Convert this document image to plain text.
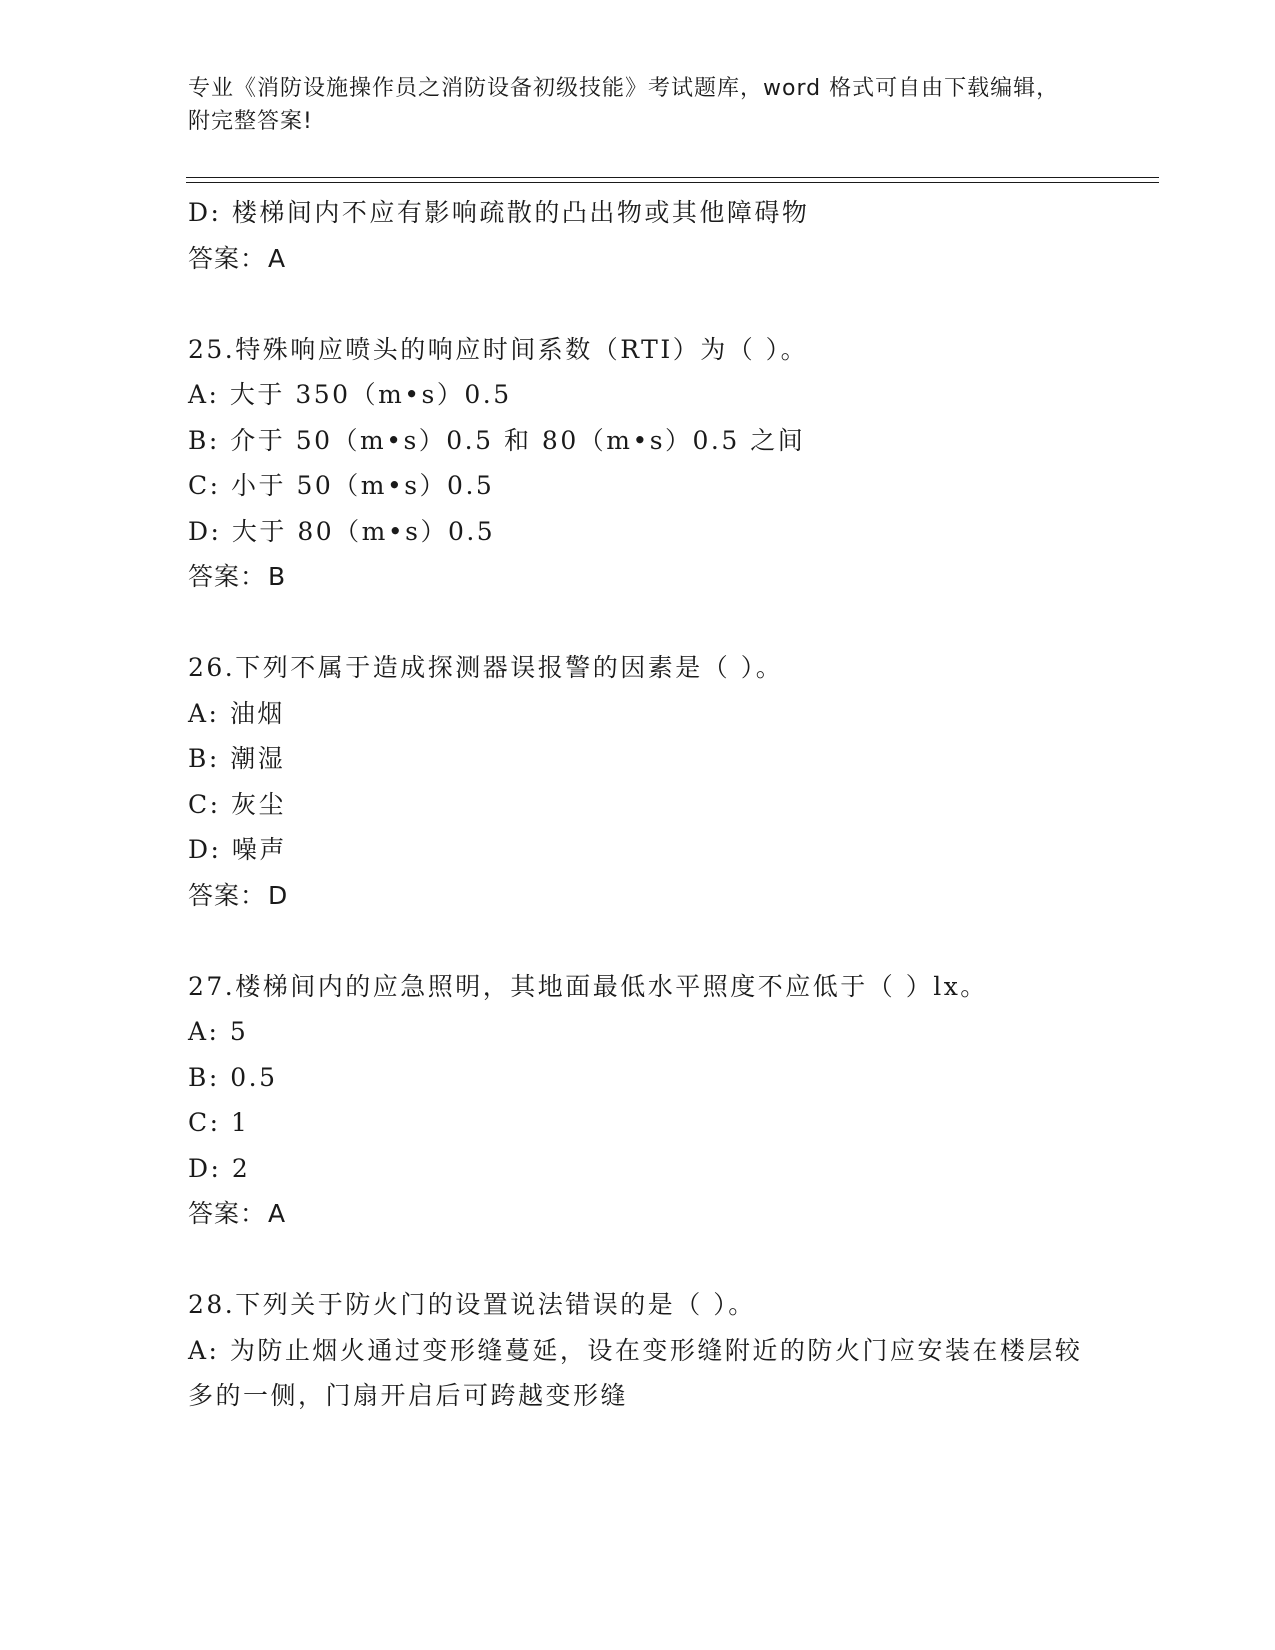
专业《消防设施操作员之消防设备初级技能》考试题库，word 格式可自由下载编辑，附完整答案!
D: 楼梯间内不应有影响疏散的凸出物或其他障碍物
答案：A
25.特殊响应喷头的响应时间系数（RTI）为（ ）。
A: 大于 350（m•s）0.5
B: 介于 50（m•s）0.5 和 80（m•s）0.5 之间
C: 小于 50（m•s）0.5
D: 大于 80（m•s）0.5
答案：B
26.下列不属于造成探测器误报警的因素是（ ）。
A: 油烟
B: 潮湿
C: 灰尘
D: 噪声
答案：D
27.楼梯间内的应急照明，其地面最低水平照度不应低于（ ）lx。
A: 5
B: 0.5
C: 1
D: 2
答案：A
28.下列关于防火门的设置说法错误的是（ ）。
A: 为防止烟火通过变形缝蔓延，设在变形缝附近的防火门应安装在楼层较多的一侧，门扇开启后可跨越变形缝
